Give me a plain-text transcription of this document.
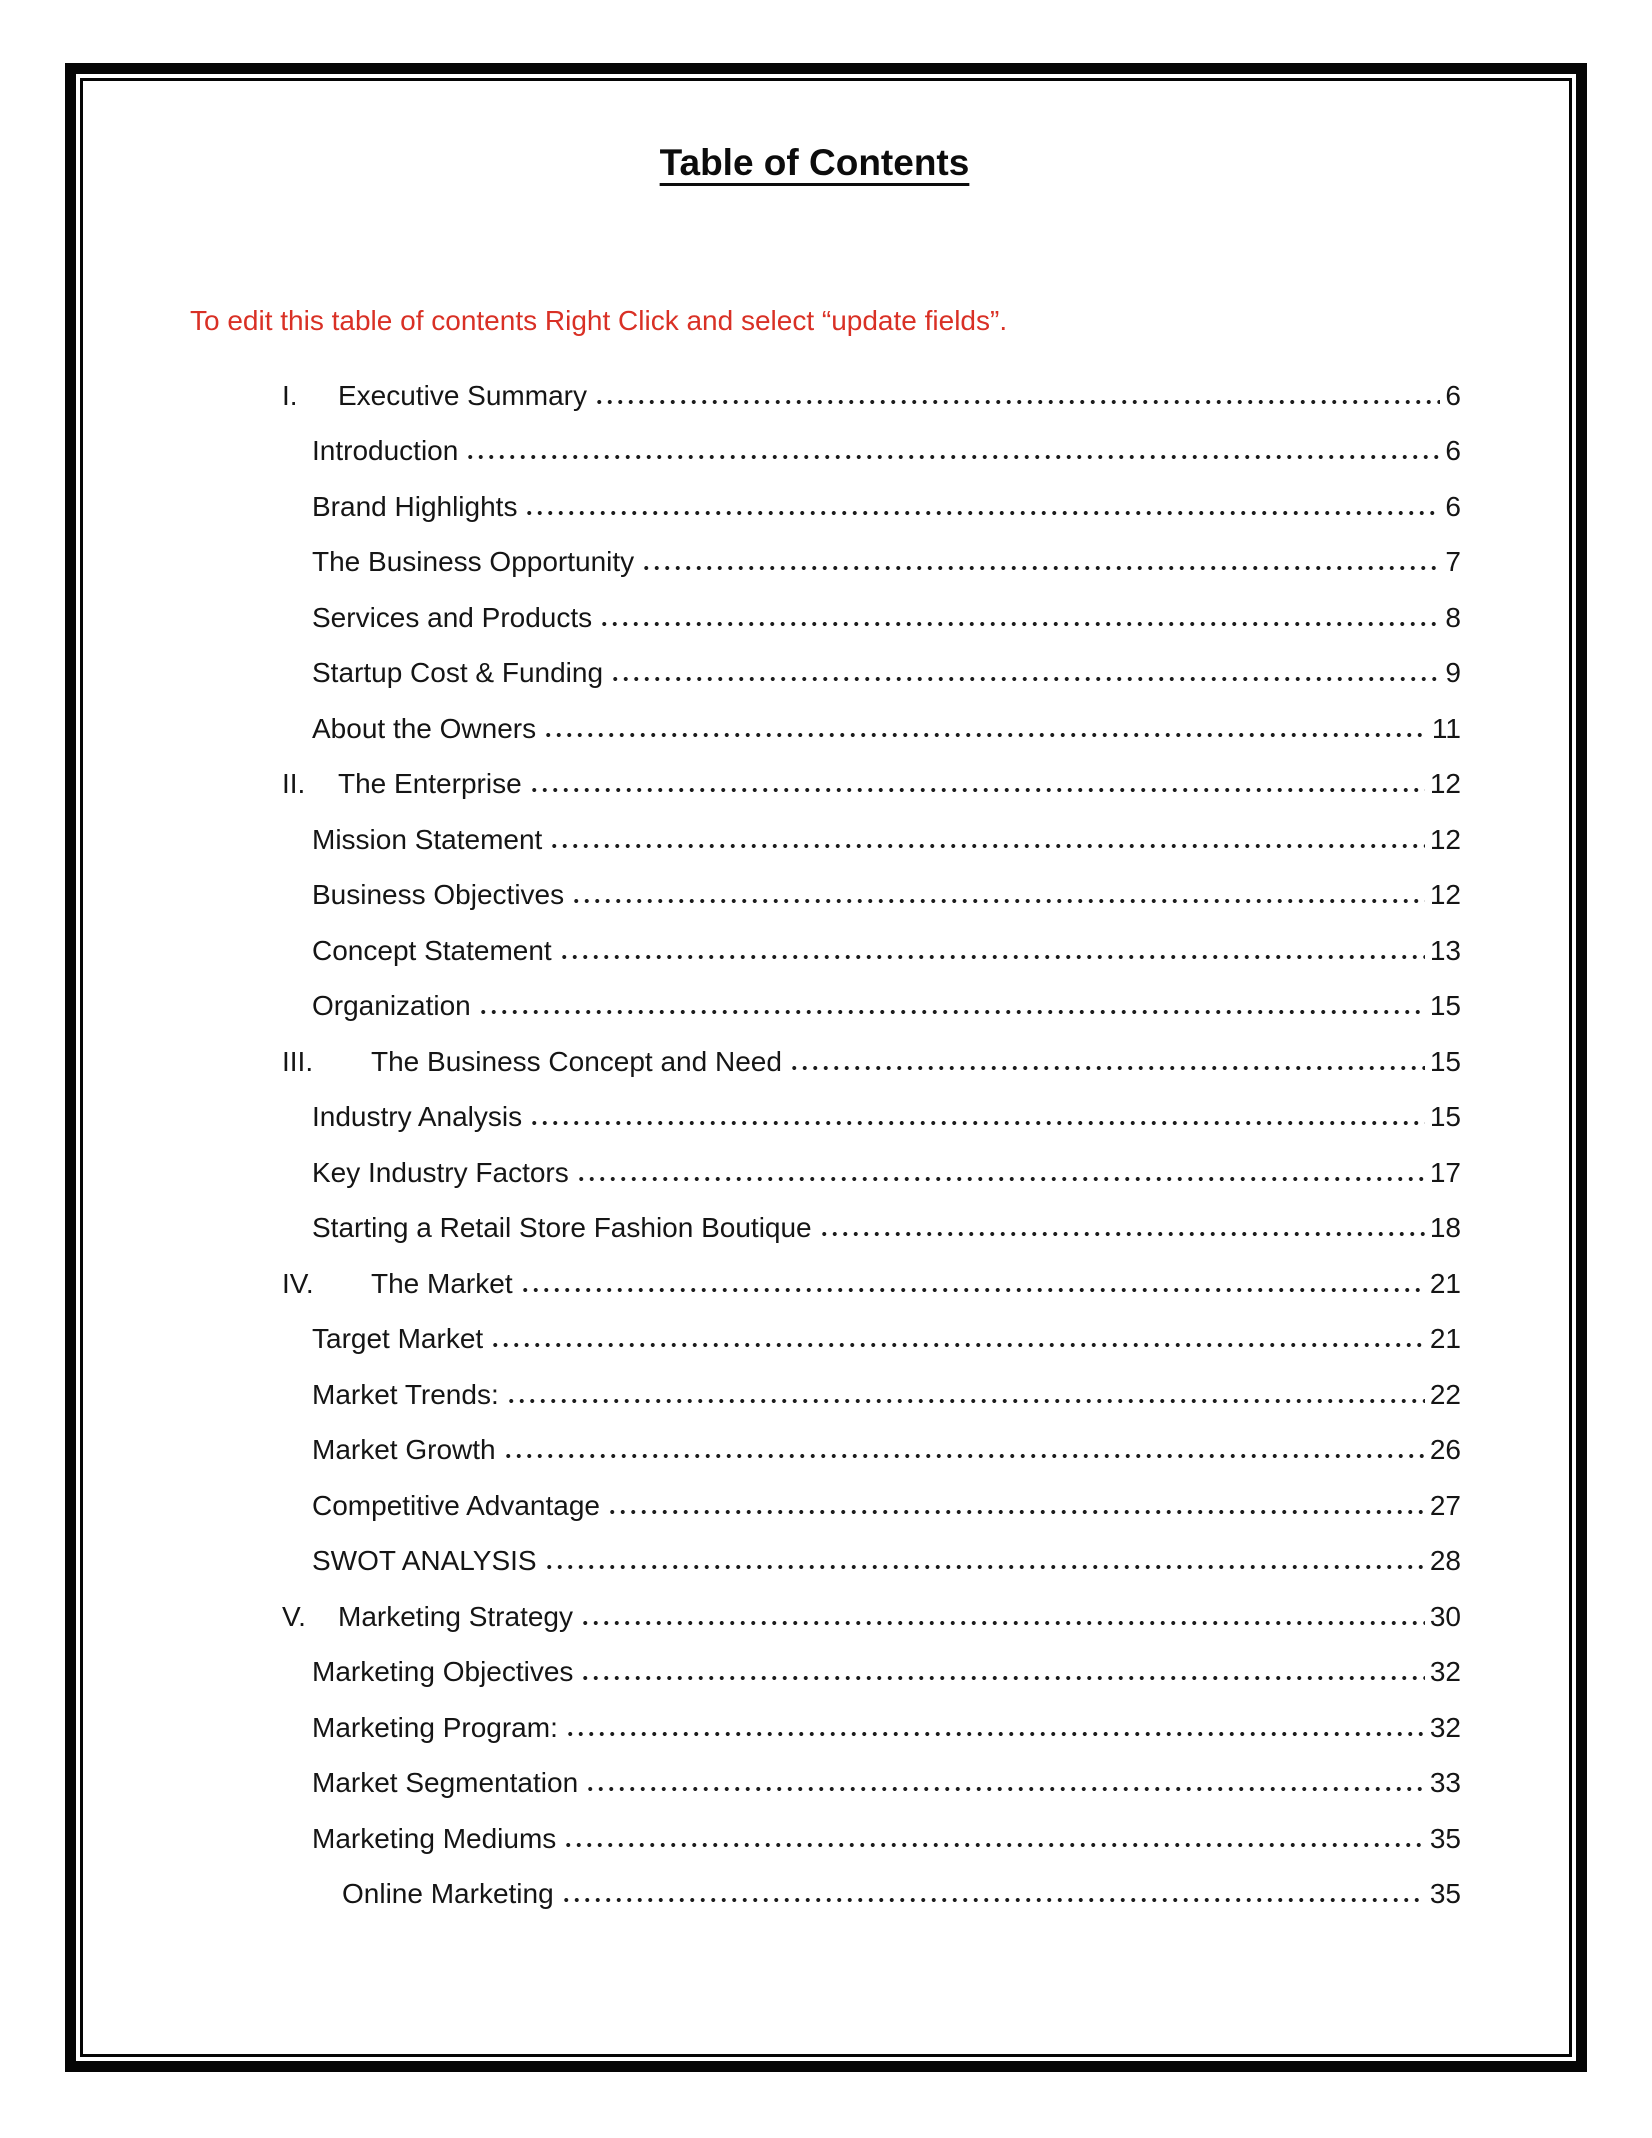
Table of Contents

To edit this table of contents Right Click and select “update fields”.

I.	Executive Summary	6
Introduction	6
Brand Highlights	6
The Business Opportunity	7
Services and Products	8
Startup Cost & Funding	9
About the Owners	11
II.	The Enterprise	12
Mission Statement	12
Business Objectives	12
Concept Statement	13
Organization	15
III.	The Business Concept and Need	15
Industry Analysis	15
Key Industry Factors	17
Starting a Retail Store Fashion Boutique	18
IV.	The Market	21
Target Market	21
Market Trends:	22
Market Growth	26
Competitive Advantage	27
SWOT ANALYSIS	28
V.	Marketing Strategy	30
Marketing Objectives	32
Marketing Program:	32
Market Segmentation	33
Marketing Mediums	35
Online Marketing	35
